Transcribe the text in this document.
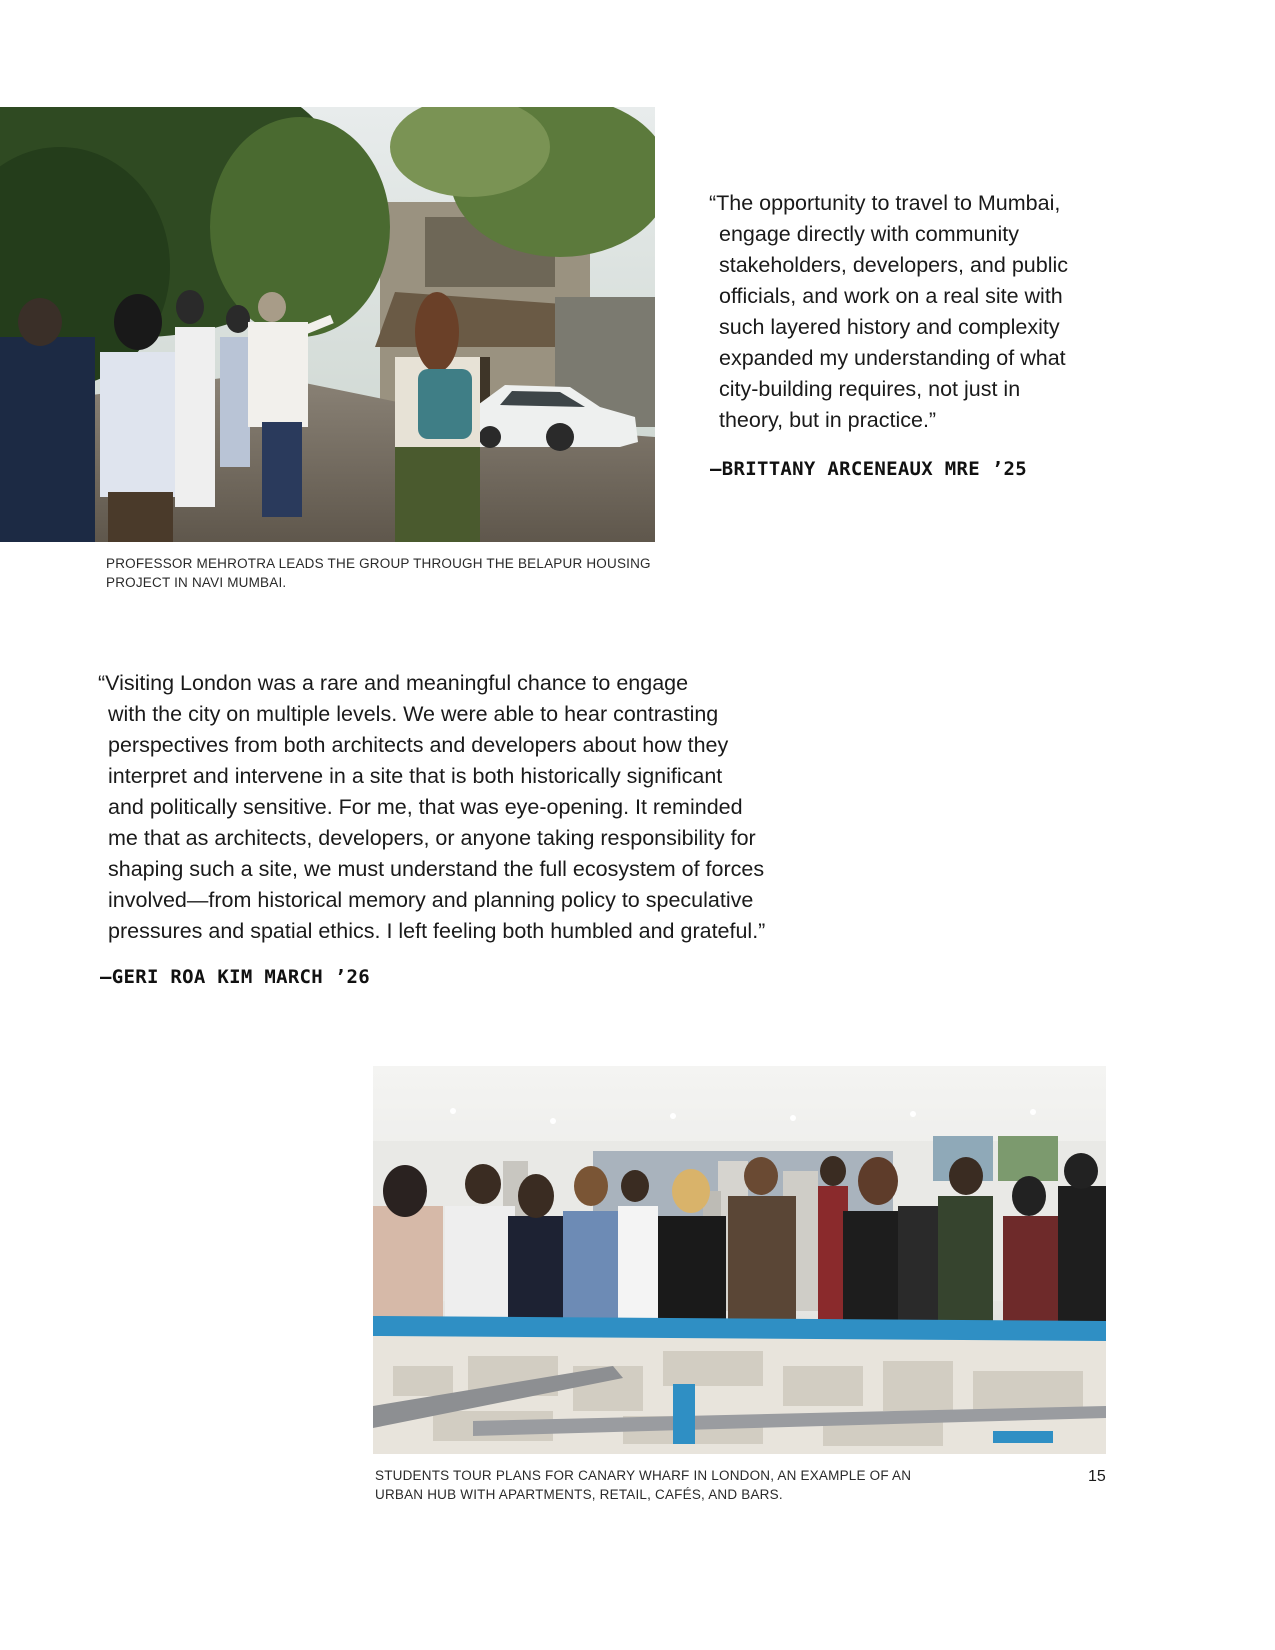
PROFESSOR MEHROTRA LEADS THE GROUP THROUGH THE BELAPUR HOUSING
PROJECT IN NAVI MUMBAI.

“The opportunity to travel to Mumbai,
engage directly with community
stakeholders, developers, and public
officials, and work on a real site with
such layered history and complexity
expanded my understanding of what
city-building requires, not just in
theory, but in practice.”

–BRITTANY ARCENEAUX MRE ’25

“Visiting London was a rare and meaningful chance to engage
with the city on multiple levels. We were able to hear contrasting
perspectives from both architects and developers about how they
interpret and intervene in a site that is both historically significant
and politically sensitive. For me, that was eye-opening. It reminded
me that as architects, developers, or anyone taking responsibility for
shaping such a site, we must understand the full ecosystem of forces
involved—from historical memory and planning policy to speculative
pressures and spatial ethics. I left feeling both humbled and grateful.”

–GERI ROA KIM MARCH ’26

STUDENTS TOUR PLANS FOR CANARY WHARF IN LONDON, AN EXAMPLE OF AN
URBAN HUB WITH APARTMENTS, RETAIL, CAFÉS, AND BARS.

15
